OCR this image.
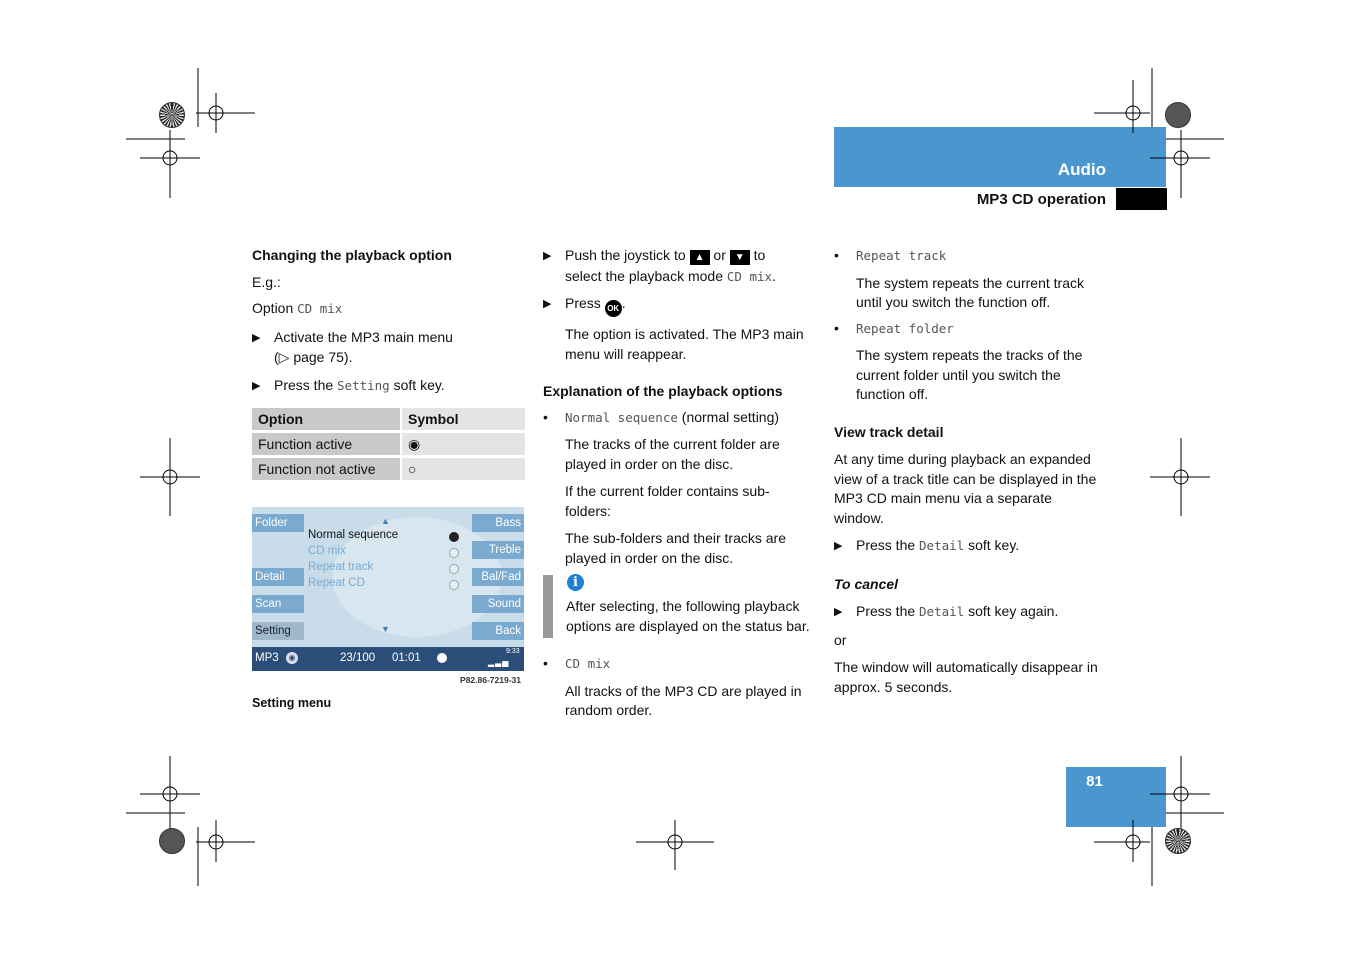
Audio
MP3 CD operation
81

Changing the playback option

E.g.:

Option CD mix

▶ Activate the MP3 main menu

(▷ page 75).

▶ Press the Setting soft key.

Option	Symbol
Function active	◉
Function not active	○
Folder
Detail
Scan
Setting
Bass
Treble
Bal/Fad
Sound
Back
▲
▼
Normal sequence
CD mix
Repeat track
Repeat CD
MP3	◉	23/100 01:01
9:33
▂▃▅
P82.86-7219-31
Setting menu

▶ Push the joystick to ▲ or ▼ to

select the playback mode CD mix.

▶ Press OK .

The option is activated. The MP3 main

menu will reappear.

Explanation of the playback options

• Normal sequence (normal setting)

The tracks of the current folder are

played in order on the disc.

If the current folder contains sub-

folders:

The sub-folders and their tracks are

played in order on the disc.

i

After selecting, the following playback

options are displayed on the status bar.

• CD mix

All tracks of the MP3 CD are played in

random order.

• Repeat track

The system repeats the current track

until you switch the function off.

• Repeat folder

The system repeats the tracks of the

current folder until you switch the

function off.

View track detail

At any time during playback an expanded

view of a track title can be displayed in the

MP3 CD main menu via a separate

window.

▶ Press the Detail soft key.

To cancel

▶ Press the Detail soft key again.

or

The window will automatically disappear in

approx. 5 seconds.
